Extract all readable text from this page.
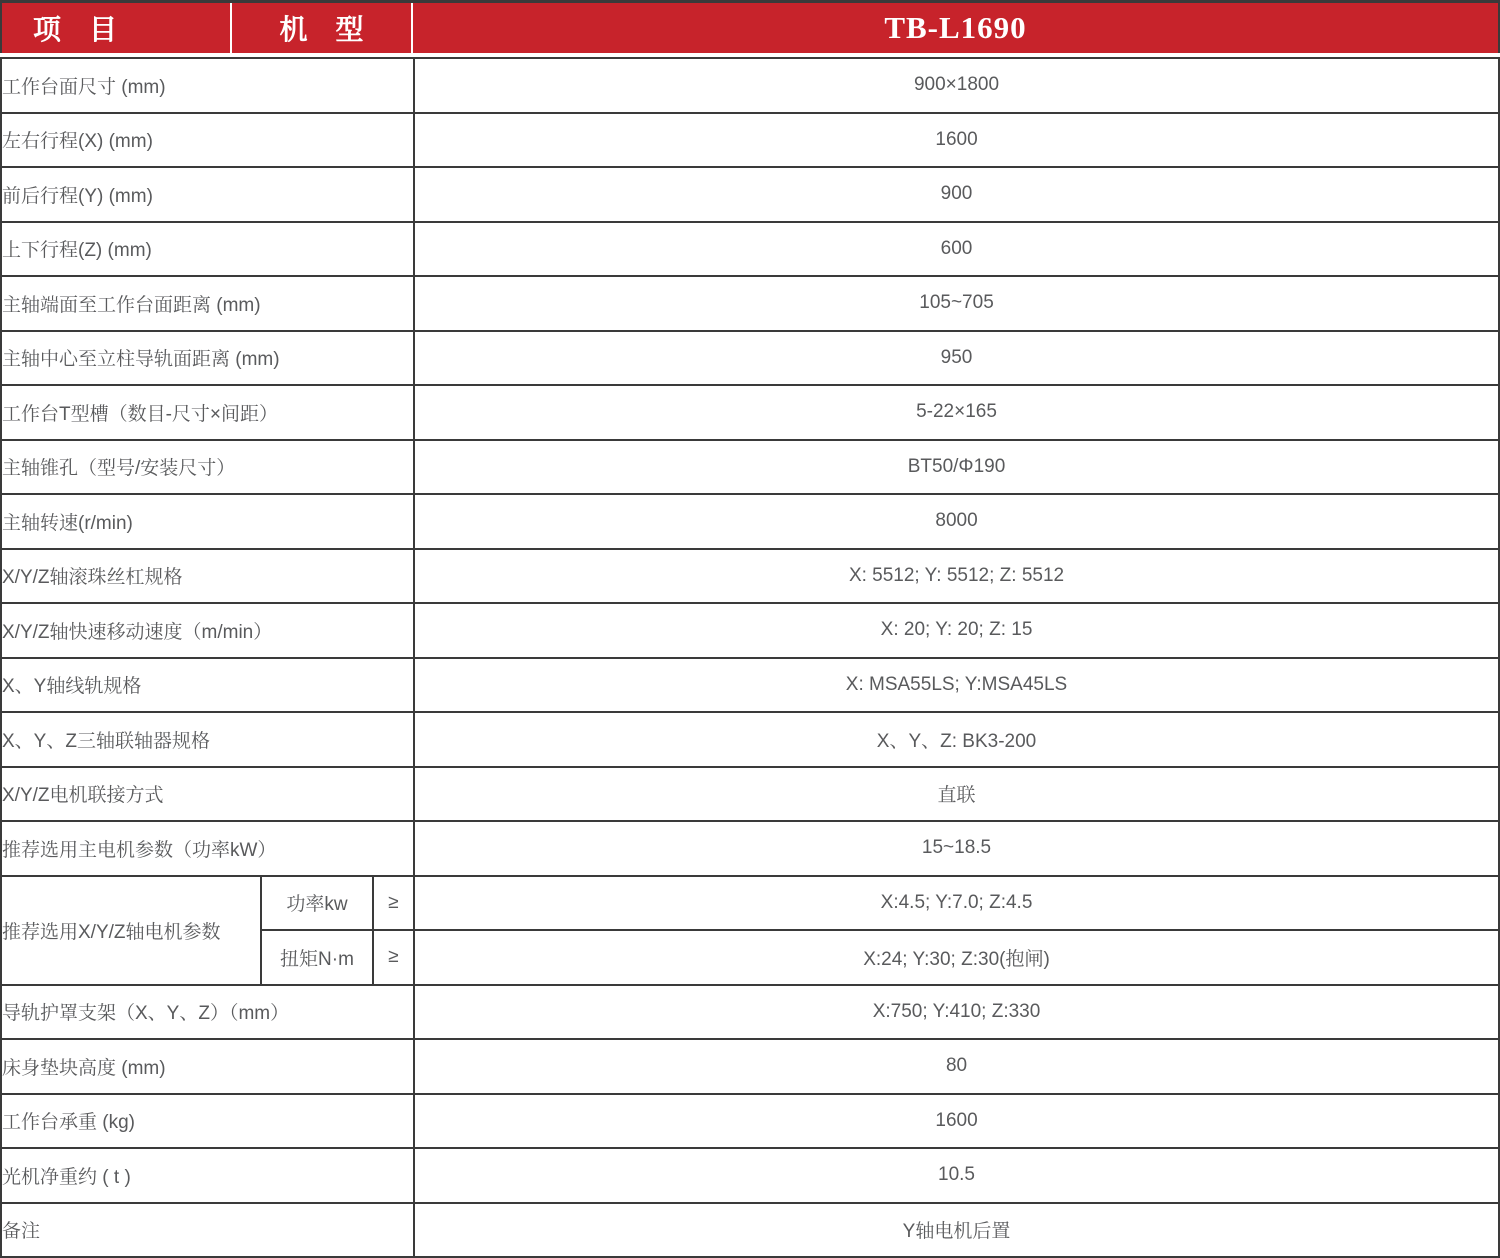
项　目	机　型	TB-L1690
工作台面尺寸 (mm)			900×1800
左右行程(X) (mm)			1600
前后行程(Y) (mm)			900
上下行程(Z) (mm)			600
主轴端面至工作台面距离 (mm)			105~705
主轴中心至立柱导轨面距离 (mm)			950
工作台T型槽（数目-尺寸×间距）			5-22×165
主轴锥孔（型号/安装尺寸）			BT50/Φ190
主轴转速(r/min)			8000
X/Y/Z轴滚珠丝杠规格			X: 5512; Y: 5512; Z: 5512
X/Y/Z轴快速移动速度（m/min）			X: 20; Y: 20; Z: 15
X、Y轴线轨规格			X: MSA55LS; Y:MSA45LS
X、Y、Z三轴联轴器规格			X、Y、Z: BK3-200
X/Y/Z电机联接方式			直联
推荐选用主电机参数（功率kW）			15~18.5
推荐选用X/Y/Z轴电机参数	功率kw	≥	X:4.5; Y:7.0; Z:4.5
	扭矩N·m	≥	X:24; Y:30; Z:30(抱闸)
导轨护罩支架（X、Y、Z）（mm）			X:750; Y:410; Z:330
床身垫块高度 (mm)			80
工作台承重 (kg)			1600
光机净重约 ( t )			10.5
备注			Y轴电机后置
